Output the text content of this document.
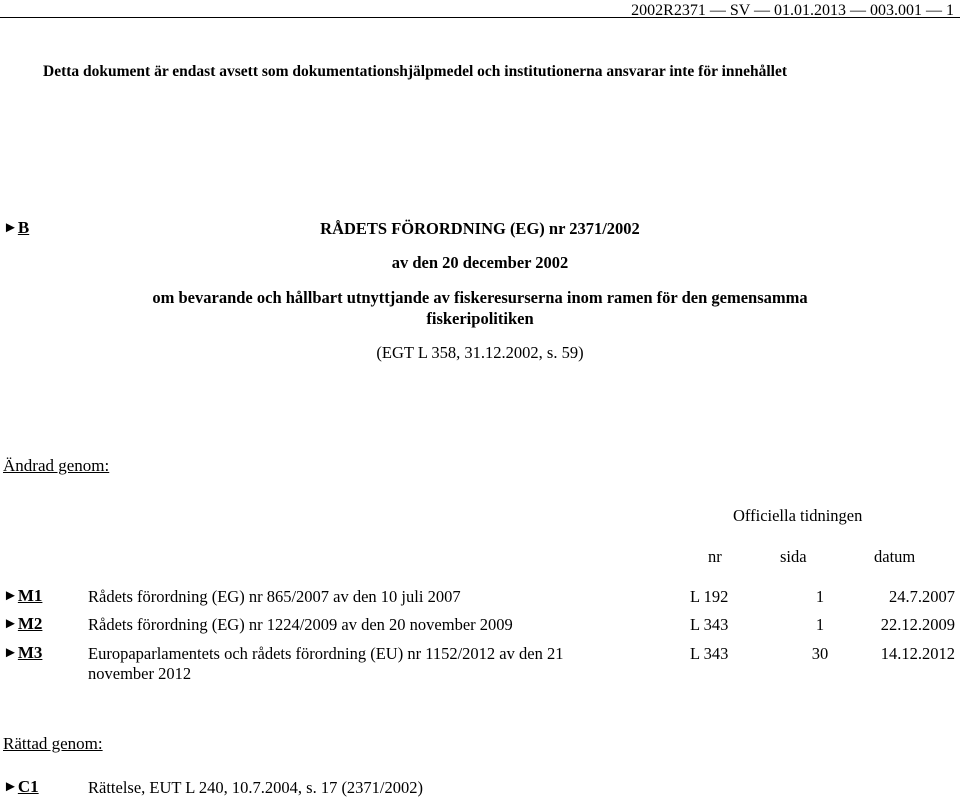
2002R2371 — SV — 01.01.2013 — 003.001 — 1
Detta dokument är endast avsett som dokumentationshjälpmedel och institutionerna ansvarar inte för innehållet
►B	RÅDETS FÖRORDNING (EG) nr 2371/2002
av den 20 december 2002
om bevarande och hållbart utnyttjande av fiskeresurserna inom ramen för den gemensamma
fiskeripolitiken
(EGT L 358, 31.12.2002, s. 59)
Ändrad genom:
Officiella tidningen
nr	sida	datum
►M1	Rådets förordning (EG) nr 865/2007 av den 10 juli 2007	L 192	1	24.7.2007
►M2	Rådets förordning (EG) nr 1224/2009 av den 20 november 2009	L 343	1	22.12.2009
►M3	Europaparlamentets och rådets förordning (EU) nr 1152/2012 av den 21
november 2012
L 343	30	14.12.2012
Rättad genom:
►C1	Rättelse, EUT L 240, 10.7.2004, s. 17 (2371/2002)
